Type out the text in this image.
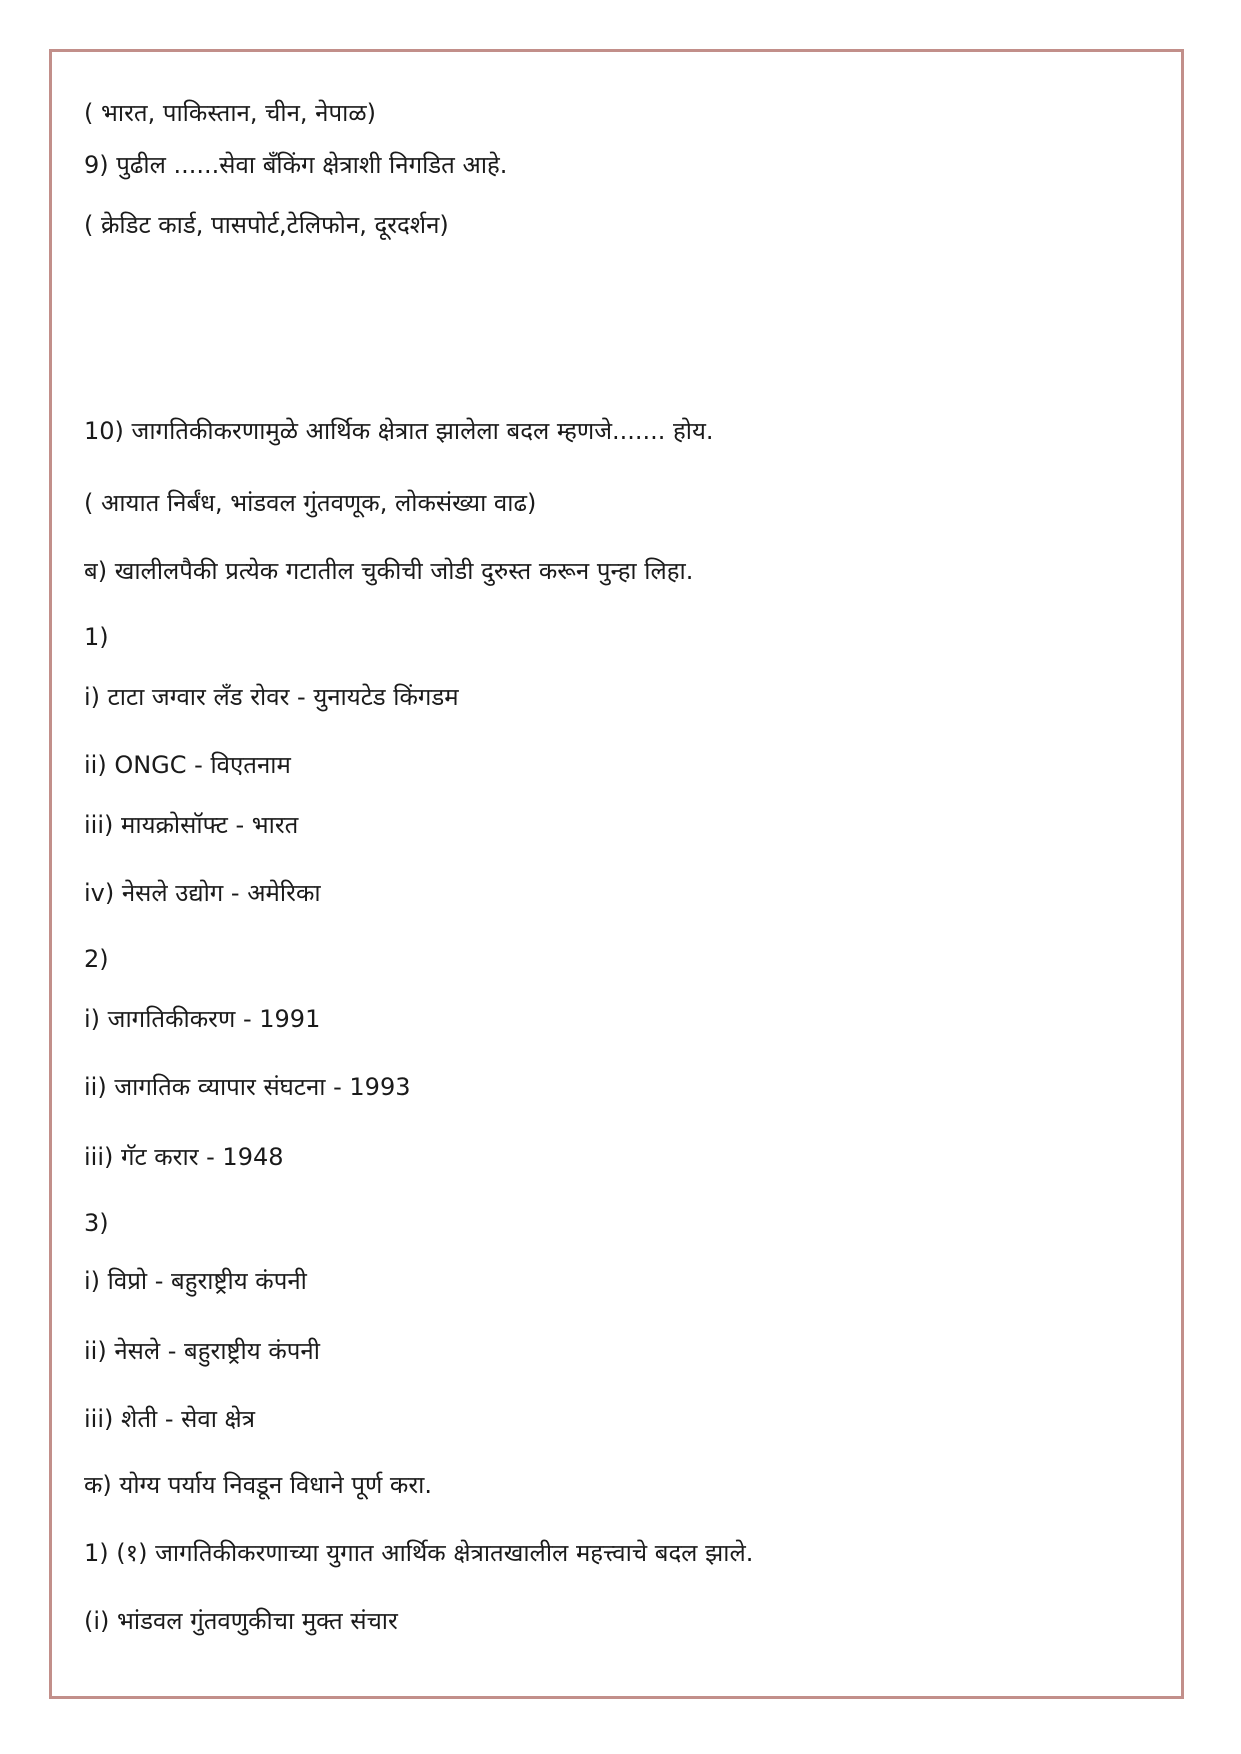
( भारत, पाकिस्तान, चीन, नेपाळ)
9) पुढील ......सेवा बँकिंग क्षेत्राशी निगडित आहे.
( क्रेडिट कार्ड, पासपोर्ट,टेलिफोन, दूरदर्शन)
10) जागतिकीकरणामुळे आर्थिक क्षेत्रात झालेला बदल म्हणजे....... होय.
( आयात निर्बंध, भांडवल गुंतवणूक, लोकसंख्या वाढ)
ब) खालीलपैकी प्रत्येक गटातील चुकीची जोडी दुरुस्त करून पुन्हा लिहा.
1)
i) टाटा जग्वार लँड रोवर - युनायटेड किंगडम
ii) ONGC - विएतनाम
iii) मायक्रोसॉफ्ट - भारत
iv) नेसले उद्योग - अमेरिका
2)
i) जागतिकीकरण - 1991
ii) जागतिक व्यापार संघटना - 1993
iii) गॅट करार - 1948
3)
i) विप्रो - बहुराष्ट्रीय कंपनी
ii) नेसले - बहुराष्ट्रीय कंपनी
iii) शेती - सेवा क्षेत्र
क) योग्य पर्याय निवडून विधाने पूर्ण करा.
1) (१) जागतिकीकरणाच्या युगात आर्थिक क्षेत्रातखालील महत्त्वाचे बदल झाले.
(i) भांडवल गुंतवणुकीचा मुक्त संचार
